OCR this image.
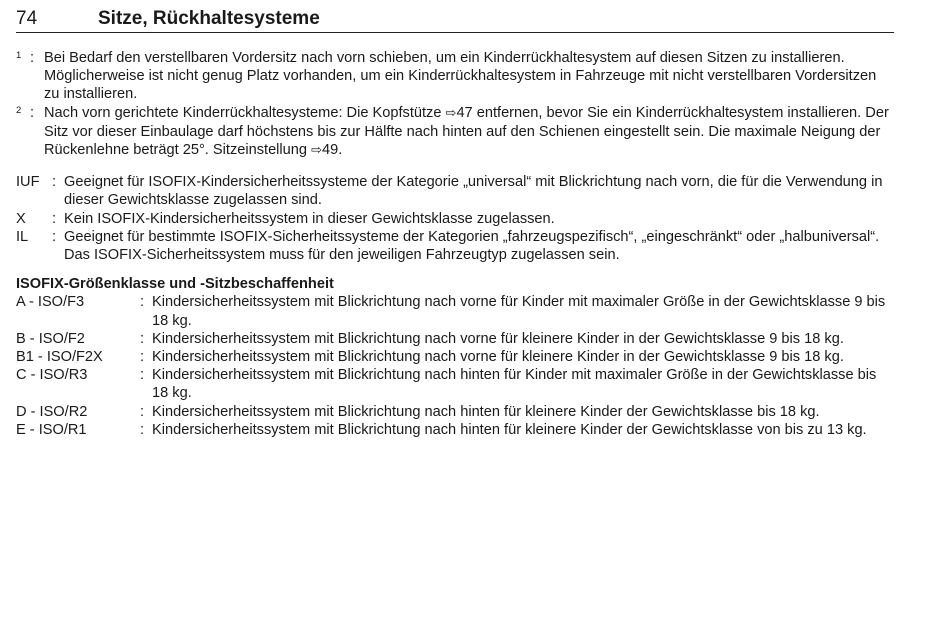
74	Sitze, Rückhaltesysteme
1 : Bei Bedarf den verstellbaren Vordersitz nach vorn schieben, um ein Kinderrückhaltesystem auf diesen Sitzen zu installieren. Möglicherweise ist nicht genug Platz vorhanden, um ein Kinderrückhaltesystem in Fahrzeuge mit nicht verstellbaren Vordersitzen zu installieren.
2 : Nach vorn gerichtete Kinderrückhaltesysteme: Die Kopfstütze ⇨47 entfernen, bevor Sie ein Kinderrückhaltesystem installieren. Der Sitz vor dieser Einbaulage darf höchstens bis zur Hälfte nach hinten auf den Schienen eingestellt sein. Die maximale Neigung der Rückenlehne beträgt 25°. Sitzeinstellung ⇨49.
IUF : Geeignet für ISOFIX-Kindersicherheitssysteme der Kategorie „universal“ mit Blickrichtung nach vorn, die für die Verwendung in dieser Gewichtsklasse zugelassen sind.
X	: Kein ISOFIX-Kindersicherheitssystem in dieser Gewichtsklasse zugelassen.
IL	: Geeignet für bestimmte ISOFIX-Sicherheitssysteme der Kategorien „fahrzeugspezifisch“, „eingeschränkt“ oder „halbuniversal“. Das ISOFIX-Sicherheitssystem muss für den jeweiligen Fahrzeugtyp zugelassen sein.
ISOFIX-Größenklasse und -Sitzbeschaffenheit
A - ISO/F3	: Kindersicherheitssystem mit Blickrichtung nach vorne für Kinder mit maximaler Größe in der Gewichtsklasse 9 bis 18 kg.
B - ISO/F2	: Kindersicherheitssystem mit Blickrichtung nach vorne für kleinere Kinder in der Gewichtsklasse 9 bis 18 kg.
B1 - ISO/F2X	: Kindersicherheitssystem mit Blickrichtung nach vorne für kleinere Kinder in der Gewichtsklasse 9 bis 18 kg.
C - ISO/R3	: Kindersicherheitssystem mit Blickrichtung nach hinten für Kinder mit maximaler Größe in der Gewichtsklasse bis 18 kg.
D - ISO/R2	: Kindersicherheitssystem mit Blickrichtung nach hinten für kleinere Kinder der Gewichtsklasse bis 18 kg.
E - ISO/R1	: Kindersicherheitssystem mit Blickrichtung nach hinten für kleinere Kinder der Gewichtsklasse von bis zu 13 kg.
